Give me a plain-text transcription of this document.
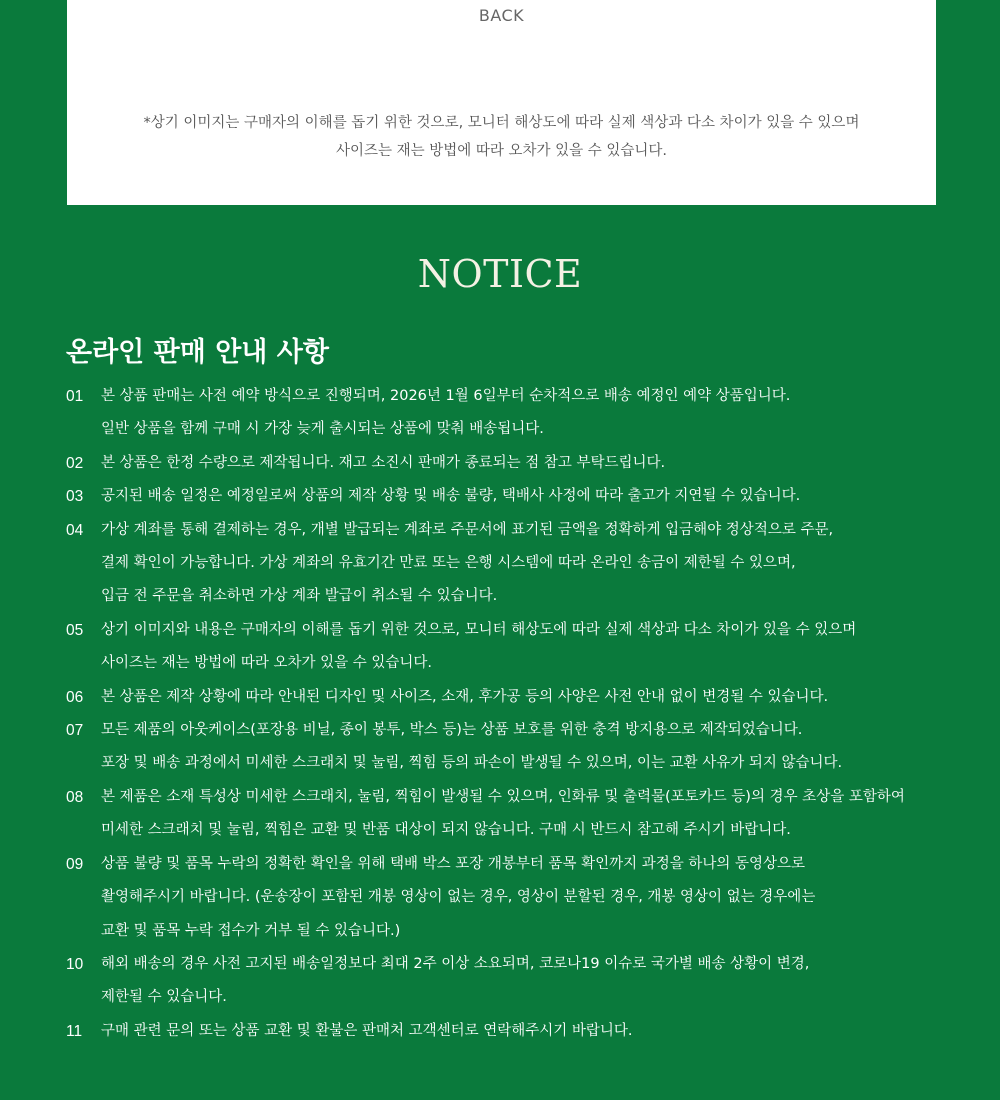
BACK
*상기 이미지는 구매자의 이해를 돕기 위한 것으로, 모니터 해상도에 따라 실제 색상과 다소 차이가 있을 수 있으며
사이즈는 재는 방법에 따라 오차가 있을 수 있습니다.
NOTICE
온라인 판매 안내 사항
01	본 상품 판매는 사전 예약 방식으로 진행되며, 2026년 1월 6일부터 순차적으로 배송 예정인 예약 상품입니다.
일반 상품을 함께 구매 시 가장 늦게 출시되는 상품에 맞춰 배송됩니다.
02	본 상품은 한정 수량으로 제작됩니다. 재고 소진시 판매가 종료되는 점 참고 부탁드립니다.
03	공지된 배송 일정은 예정일로써 상품의 제작 상황 및 배송 불량, 택배사 사정에 따라 출고가 지연될 수 있습니다.
04	가상 계좌를 통해 결제하는 경우, 개별 발급되는 계좌로 주문서에 표기된 금액을 정확하게 입금해야 정상적으로 주문,
결제 확인이 가능합니다. 가상 계좌의 유효기간 만료 또는 은행 시스템에 따라 온라인 송금이 제한될 수 있으며,
입금 전 주문을 취소하면 가상 계좌 발급이 취소될 수 있습니다.
05	상기 이미지와 내용은 구매자의 이해를 돕기 위한 것으로, 모니터 해상도에 따라 실제 색상과 다소 차이가 있을 수 있으며
사이즈는 재는 방법에 따라 오차가 있을 수 있습니다.
06	본 상품은 제작 상황에 따라 안내된 디자인 및 사이즈, 소재, 후가공 등의 사양은 사전 안내 없이 변경될 수 있습니다.
07	모든 제품의 아웃케이스(포장용 비닐, 종이 봉투, 박스 등)는 상품 보호를 위한 충격 방지용으로 제작되었습니다.
포장 및 배송 과정에서 미세한 스크래치 및 눌림, 찍힘 등의 파손이 발생될 수 있으며, 이는 교환 사유가 되지 않습니다.
08	본 제품은 소재 특성상 미세한 스크래치, 눌림, 찍힘이 발생될 수 있으며, 인화류 및 출력물(포토카드 등)의 경우 초상을 포함하여
미세한 스크래치 및 눌림, 찍힘은 교환 및 반품 대상이 되지 않습니다. 구매 시 반드시 참고해 주시기 바랍니다.
09	상품 불량 및 품목 누락의 정확한 확인을 위해 택배 박스 포장 개봉부터 품목 확인까지 과정을 하나의 동영상으로
촬영해주시기 바랍니다. (운송장이 포함된 개봉 영상이 없는 경우, 영상이 분할된 경우, 개봉 영상이 없는 경우에는
교환 및 품목 누락 접수가 거부 될 수 있습니다.)
10	해외 배송의 경우 사전 고지된 배송일정보다 최대 2주 이상 소요되며, 코로나19 이슈로 국가별 배송 상황이 변경,
제한될 수 있습니다.
11	구매 관련 문의 또는 상품 교환 및 환불은 판매처 고객센터로 연락해주시기 바랍니다.
